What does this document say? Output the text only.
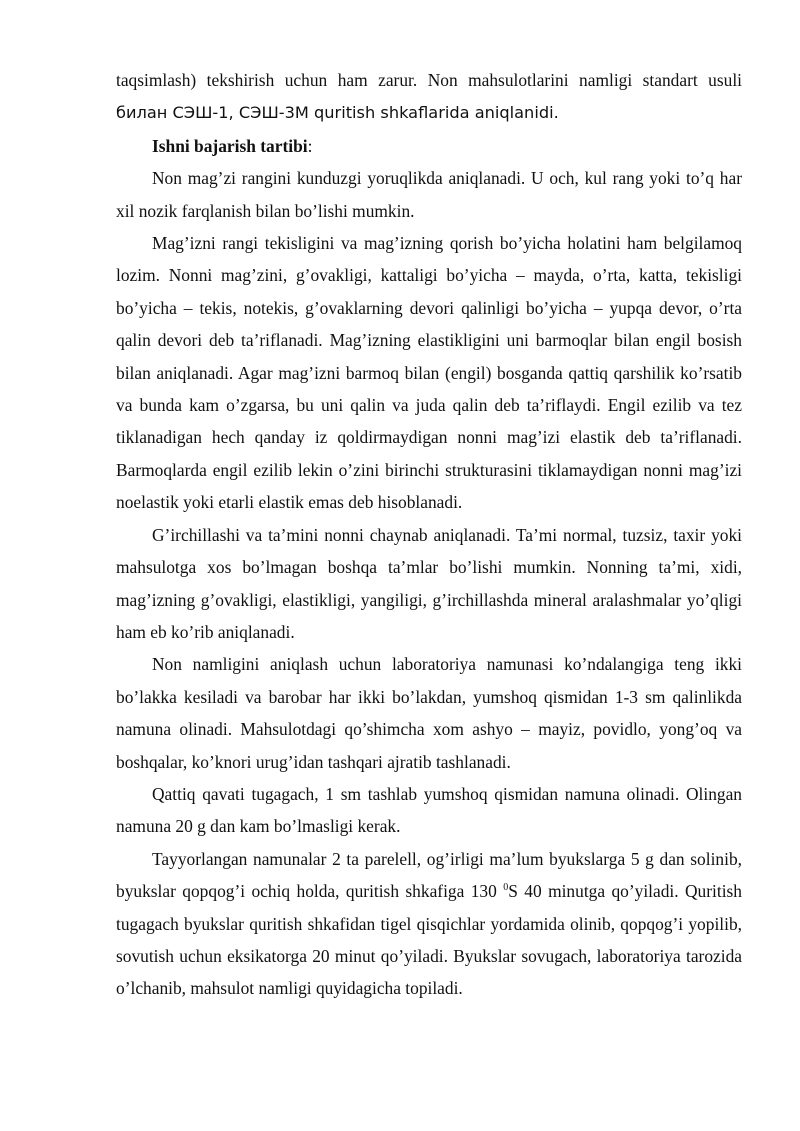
taqsimlash) tekshirish uchun ham zarur. Non mahsulotlarini namligi standart usuli билан СЭШ-1, СЭШ-3М quritish shkaflarida aniqlanidi.

Ishni bajarish tartibi:

Non mag’zi rangini kunduzgi yoruqlikda aniqlanadi. U och, kul rang yoki to’q har xil nozik farqlanish bilan bo’lishi mumkin.

Mag’izni rangi tekisligini va mag’izning qorish bo’yicha holatini ham belgilamoq lozim. Nonni mag’zini, g’ovakligi, kattaligi bo’yicha – mayda, o’rta, katta, tekisligi bo’yicha – tekis, notekis, g’ovaklarning devori qalinligi bo’yicha – yupqa devor, o’rta qalin devori deb ta’riflanadi. Mag’izning elastikligini uni barmoqlar bilan engil bosish bilan aniqlanadi. Agar mag’izni barmoq bilan (engil) bosganda qattiq qarshilik ko’rsatib va bunda kam o’zgarsa, bu uni qalin va juda qalin deb ta’riflaydi. Engil ezilib va tez tiklanadigan hech qanday iz qoldirmaydigan nonni mag’izi elastik deb ta’riflanadi. Barmoqlarda engil ezilib lekin o’zini birinchi strukturasini tiklamaydigan nonni mag’izi noelastik yoki etarli elastik emas deb hisoblanadi.

G’irchillashi va ta’mini nonni chaynab aniqlanadi. Ta’mi normal, tuzsiz, taxir yoki mahsulotga xos bo’lmagan boshqa ta’mlar bo’lishi mumkin. Nonning ta’mi, xidi, mag’izning g’ovakligi, elastikligi, yangiligi, g’irchillashda mineral aralashmalar yo’qligi ham eb ko’rib aniqlanadi.

Non namligini aniqlash uchun laboratoriya namunasi ko’ndalangiga teng ikki bo’lakka kesiladi va barobar har ikki bo’lakdan, yumshoq qismidan 1-3 sm qalinlikda namuna olinadi. Mahsulotdagi qo’shimcha xom ashyo – mayiz, povidlo, yong’oq va boshqalar, ko’knori urug’idan tashqari ajratib tashlanadi.

Qattiq qavati tugagach, 1 sm tashlab yumshoq qismidan namuna olinadi. Olingan namuna 20 g dan kam bo’lmasligi kerak.

Tayyorlangan namunalar 2 ta parelell, og’irligi ma’lum byukslarga 5 g dan solinib, byukslar qopqog’i ochiq holda, quritish shkafiga 130 $^0$S 40 minutga qo’yiladi. Quritish tugagach byukslar quritish shkafidan tigel qisqichlar yordamida olinib, qopqog’i yopilib, sovutish uchun eksikatorga 20 minut qo’yiladi. Byukslar sovugach, laboratoriya tarozida o’lchanib, mahsulot namligi quyidagicha topiladi.
